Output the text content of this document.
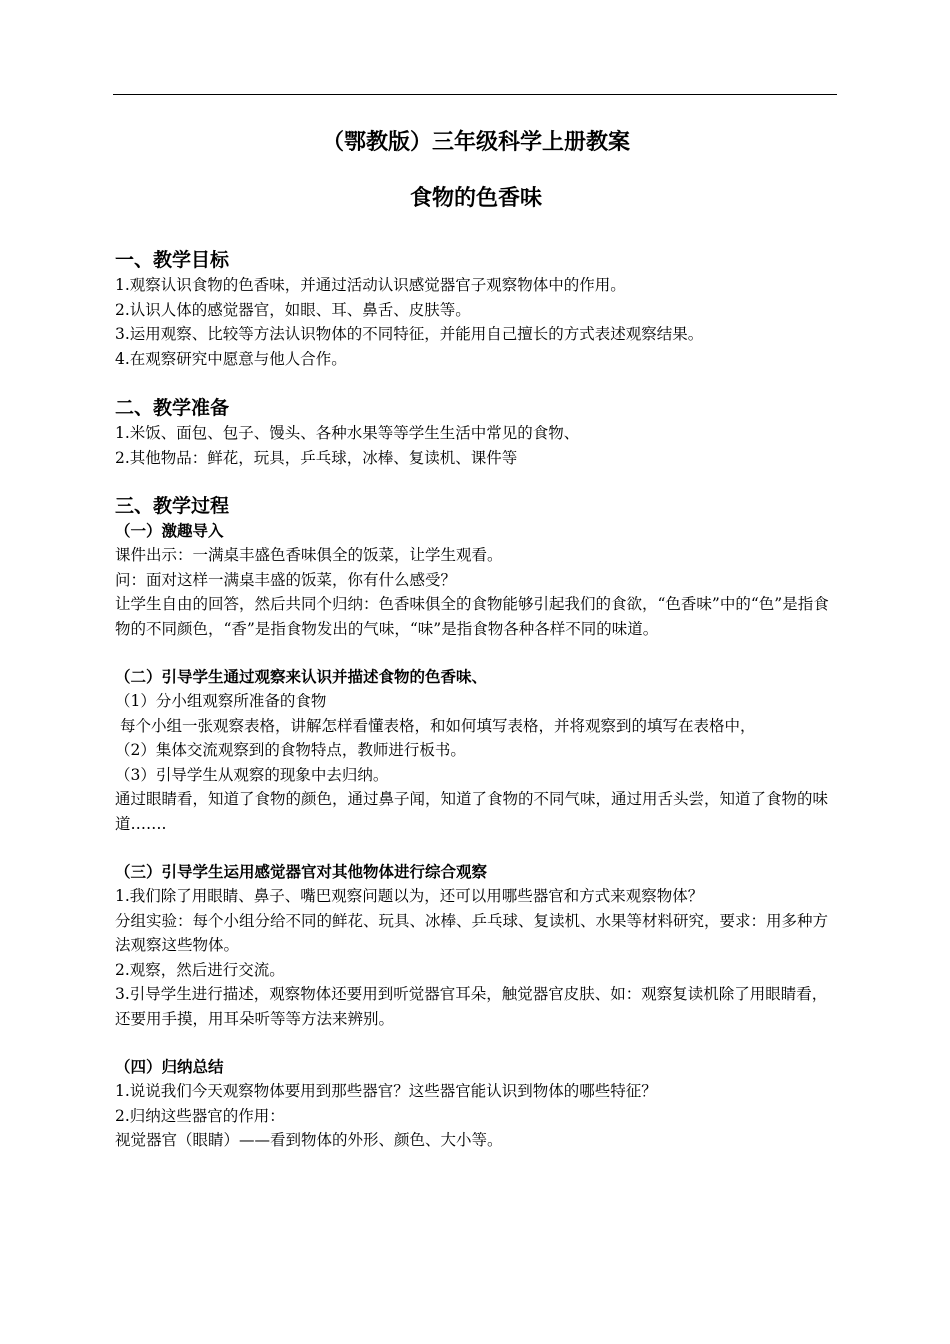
（鄂教版）三年级科学上册教案
食物的色香味
一、教学目标

1.观察认识食物的色香味，并通过活动认识感觉器官子观察物体中的作用。

2.认识人体的感觉器官，如眼、耳、鼻舌、皮肤等。

3.运用观察、比较等方法认识物体的不同特征，并能用自己擅长的方式表述观察结果。

4.在观察研究中愿意与他人合作。

二、教学准备

1.米饭、面包、包子、馒头、各种水果等等学生生活中常见的食物、

2.其他物品：鲜花，玩具，乒乓球，冰棒、复读机、课件等

三、教学过程
（一）激趣导入

课件出示：一满桌丰盛色香味俱全的饭菜，让学生观看。

问：面对这样一满桌丰盛的饭菜，你有什么感受？

让学生自由的回答，然后共同个归纳：色香味俱全的食物能够引起我们的食欲，“色香味”中的“色”是指食物的不同颜色，“香”是指食物发出的气味，“味”是指食物各种各样不同的味道。

（二）引导学生通过观察来认识并描述食物的色香味、

（1）分小组观察所准备的食物

每个小组一张观察表格，讲解怎样看懂表格，和如何填写表格，并将观察到的填写在表格中，

（2）集体交流观察到的食物特点，教师进行板书。

（3）引导学生从观察的现象中去归纳。

通过眼睛看，知道了食物的颜色，通过鼻子闻，知道了食物的不同气味，通过用舌头尝，知道了食物的味道…….

（三）引导学生运用感觉器官对其他物体进行综合观察

1.我们除了用眼睛、鼻子、嘴巴观察问题以为，还可以用哪些器官和方式来观察物体？

分组实验：每个小组分给不同的鲜花、玩具、冰棒、乒乓球、复读机、水果等材料研究，要求：用多种方法观察这些物体。

2.观察，然后进行交流。

3.引导学生进行描述，观察物体还要用到听觉器官耳朵，触觉器官皮肤、如：观察复读机除了用眼睛看，还要用手摸，用耳朵听等等方法来辨别。

（四）归纳总结

1.说说我们今天观察物体要用到那些器官？这些器官能认识到物体的哪些特征？

2.归纳这些器官的作用：

视觉器官（眼睛）——看到物体的外形、颜色、大小等。
